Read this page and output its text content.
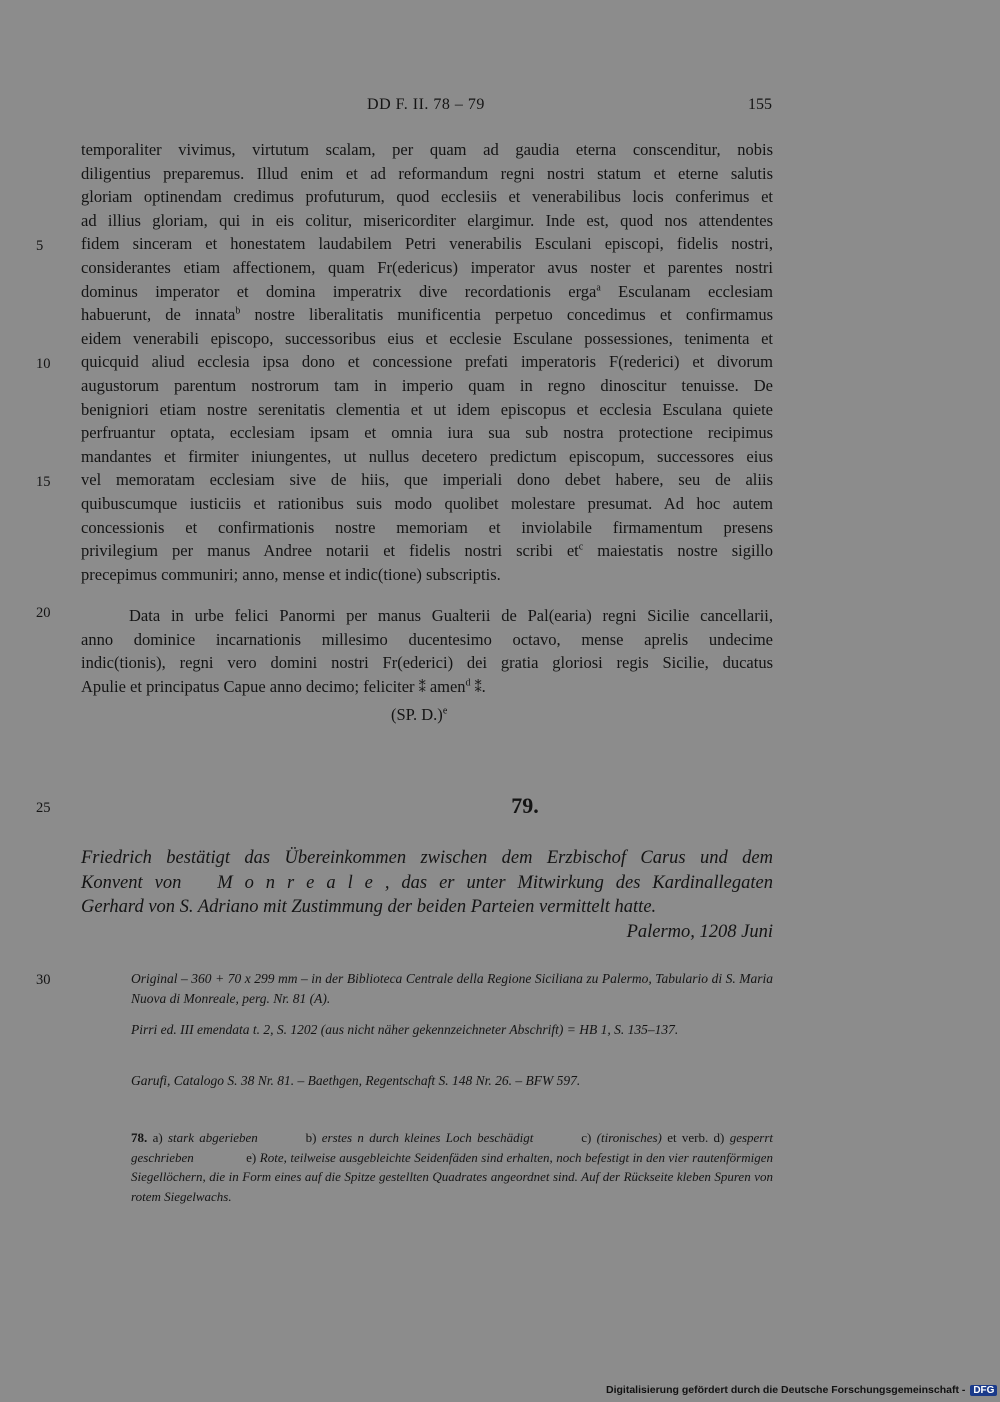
DD F. II. 78 – 79	155
5
10
15
20
25
30

temporaliter vivimus, virtutum scalam, per quam ad gaudia eterna conscenditur, nobis

diligentius preparemus. Illud enim et ad reformandum regni nostri statum et eterne salutis

gloriam optinendam credimus profuturum, quod ecclesiis et venerabilibus locis conferimus et

ad illius gloriam, qui in eis colitur, misericorditer elargimur. Inde est, quod nos attendentes

fidem sinceram et honestatem laudabilem Petri venerabilis Esculani episcopi, fidelis nostri,

considerantes etiam affectionem, quam Fr(edericus) imperator avus noster et parentes nostri

dominus imperator et domina imperatrix dive recordationis erga$^a$ Esculanam ecclesiam

habuerunt, de innata$^b$ nostre liberalitatis munificentia perpetuo concedimus et confirmamus

eidem venerabili episcopo, successoribus eius et ecclesie Esculane possessiones, tenimenta et

quicquid aliud ecclesia ipsa dono et concessione prefati imperatoris F(rederici) et divorum

augustorum parentum nostrorum tam in imperio quam in regno dinoscitur tenuisse. De

benigniori etiam nostre serenitatis clementia et ut idem episcopus et ecclesia Esculana quiete

perfruantur optata, ecclesiam ipsam et omnia iura sua sub nostra protectione recipimus

mandantes et firmiter iniungentes, ut nullus decetero predictum episcopum, successores eius

vel memoratam ecclesiam sive de hiis, que imperiali dono debet habere, seu de aliis

quibuscumque iusticiis et rationibus suis modo quolibet molestare presumat. Ad hoc autem

concessionis et confirmationis nostre memoriam et inviolabile firmamentum presens

privilegium per manus Andree notarii et fidelis nostri scribi $et^c$ maiestatis nostre sigillo

precepimus communiri; anno, mense et indic(tione) subscriptis.

Data in urbe felici Panormi per manus Gualterii de Pal(earia) regni Sicilie cancellarii,

anno dominice incarnationis millesimo ducentesimo octavo, mense aprelis undecime

indic(tionis), regni vero domini nostri Fr(ederici) dei gratia gloriosi regis Sicilie, ducatus

Apulie et principatus Capue anno decimo; feliciter ⁑ amen$^d$ ⁑.

(SP. D.)$^e$
79.

Friedrich bestätigt das Übereinkommen zwischen dem Erzbischof Carus und dem

Konvent von   M o n r e a l e , das er unter Mitwirkung des Kardinallegaten

Gerhard von S. Adriano mit Zustimmung der beiden Parteien vermittelt hatte.

Palermo, 1208 Juni

Original – 360 + 70 x 299 mm – in der Biblioteca Centrale della Regione Siciliana zu Palermo, Tabulario di S. Maria Nuova di Monreale, perg. Nr. 81 (A).

Pirri ed. III emendata t. 2, S. 1202 (aus nicht näher gekennzeichneter Abschrift) = HB 1, S. 135–137.

Garufi, Catalogo S. 38 Nr. 81. – Baethgen, Regentschaft S. 148 Nr. 26. – BFW 597.

78. a) stark abgerieben	b) erstes n durch kleines Loch beschädigt	c) (tironisches) et verb. d) gesperrt geschrieben	e) Rote, teilweise ausgebleichte Seidenfäden sind erhalten, noch befestigt in den vier rautenförmigen Siegellöchern, die in Form eines auf die Spitze gestellten Quadrates angeordnet sind. Auf der Rückseite kleben Spuren von rotem Siegelwachs.

Digitalisierung gefördert durch die Deutsche Forschungsgemeinschaft - DFG
